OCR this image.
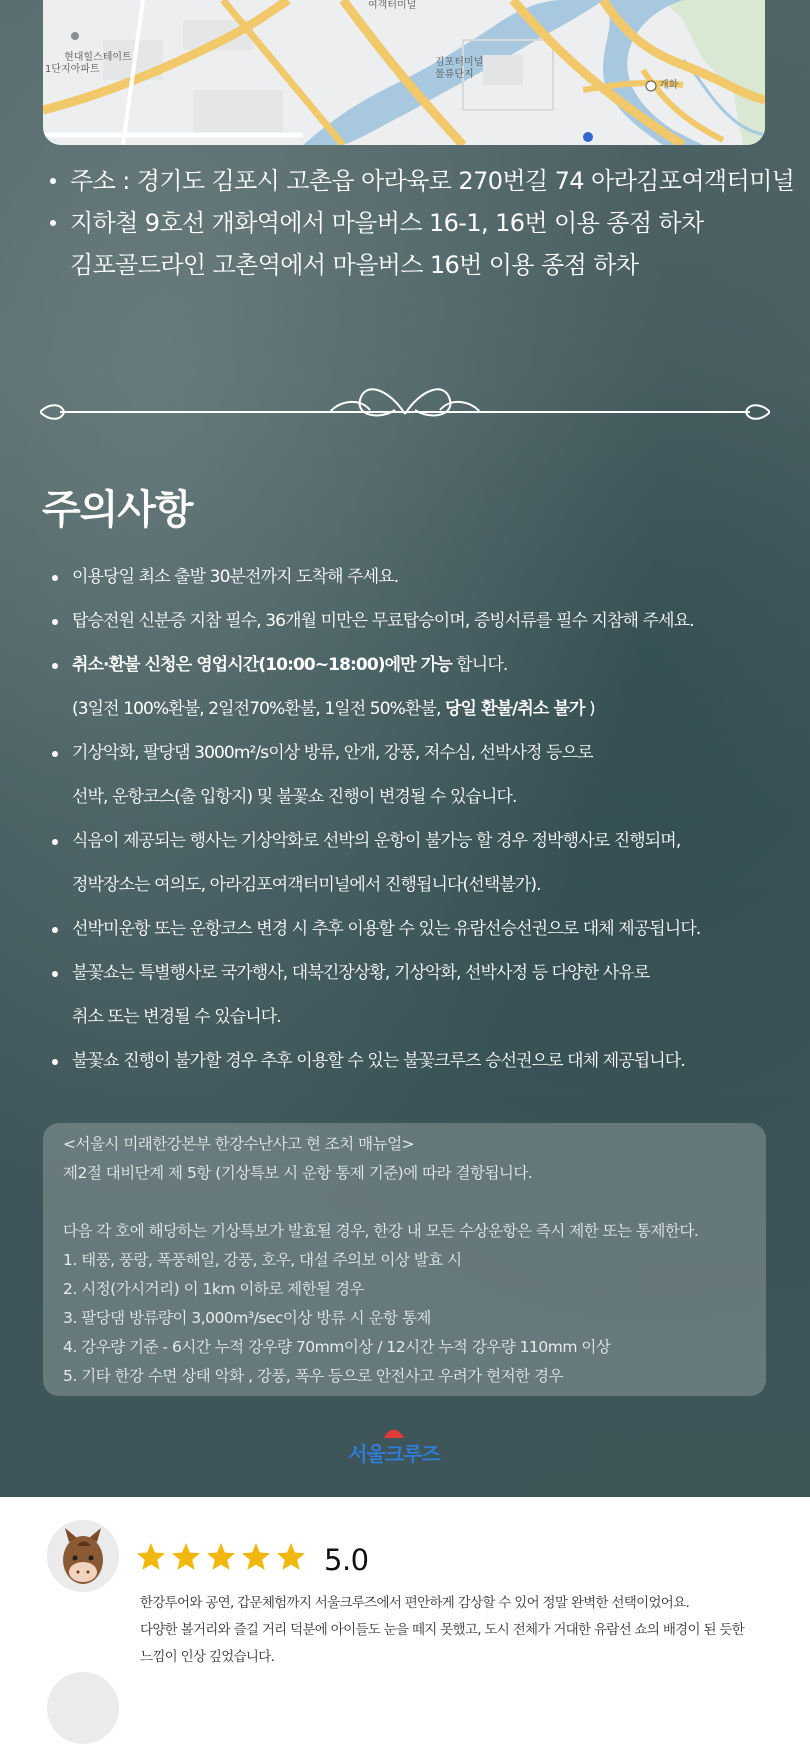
현대힐스테이트
1단지아파트

여객터미널
김포터미널
물류단지
개화
주소 : 경기도 김포시 고촌읍 아라육로 270번길 74 아라김포여객터미널
지하철 9호선 개화역에서 마을버스 16-1, 16번 이용 종점 하차
김포골드라인 고촌역에서 마을버스 16번 이용 종점 하차
주의사항
이용당일 최소 출발 30분전까지 도착해 주세요.
탑승전원 신분증 지참 필수, 36개월 미만은 무료탑승이며, 증빙서류를 필수 지참해 주세요.
취소·환불 신청은 영업시간(10:00~18:00)에만 가능 합니다.
(3일전 100%환불, 2일전70%환불, 1일전 50%환불, 당일 환불/취소 불가 )
기상악화, 팔당댐 3000m²/s이상 방류, 안개, 강풍, 저수심, 선박사정 등으로
선박, 운항코스(출 입항지) 및 불꽃쇼 진행이 변경될 수 있습니다.
식음이 제공되는 행사는 기상악화로 선박의 운항이 불가능 할 경우 정박행사로 진행되며,
정박장소는 여의도, 아라김포여객터미널에서 진행됩니다(선택불가).
선박미운항 또는 운항코스 변경 시 추후 이용할 수 있는 유람선승선권으로 대체 제공됩니다.
불꽃쇼는 특별행사로 국가행사, 대북긴장상황, 기상악화, 선박사정 등 다양한 사유로
취소 또는 변경될 수 있습니다.
불꽃쇼 진행이 불가할 경우 추후 이용할 수 있는 불꽃크루즈 승선권으로 대체 제공됩니다.
<서울시 미래한강본부 한강수난사고 현 조치 매뉴얼>
제2절 대비단계 제 5항 (기상특보 시 운항 통제 기준)에 따라 결항됩니다.
다음 각 호에 해당하는 기상특보가 발효될 경우, 한강 내 모든 수상운항은 즉시 제한 또는 통제한다.
1. 태풍, 풍랑, 폭풍해일, 강풍, 호우, 대설 주의보 이상 발효 시
2. 시정(가시거리) 이 1km 이하로 제한될 경우
3. 팔당댐 방류량이 3,000m³/sec이상 방류 시 운항 통제
4. 강우량 기준 - 6시간 누적 강우량 70mm이상 / 12시간 누적 강우량 110mm 이상
5. 기타 한강 수면 상태 악화 , 강풍, 폭우 등으로 안전사고 우려가 현저한 경우
서울크루즈
5.0
한강투어와 공연, 갑문체험까지 서울크루즈에서 편안하게 감상할 수 있어 정말 완벽한 선택이었어요.
다양한 볼거리와 즐길 거리 덕분에 아이들도 눈을 떼지 못했고, 도시 전체가 거대한 유람선 쇼의 배경이 된 듯한
느낌이 인상 깊었습니다.
